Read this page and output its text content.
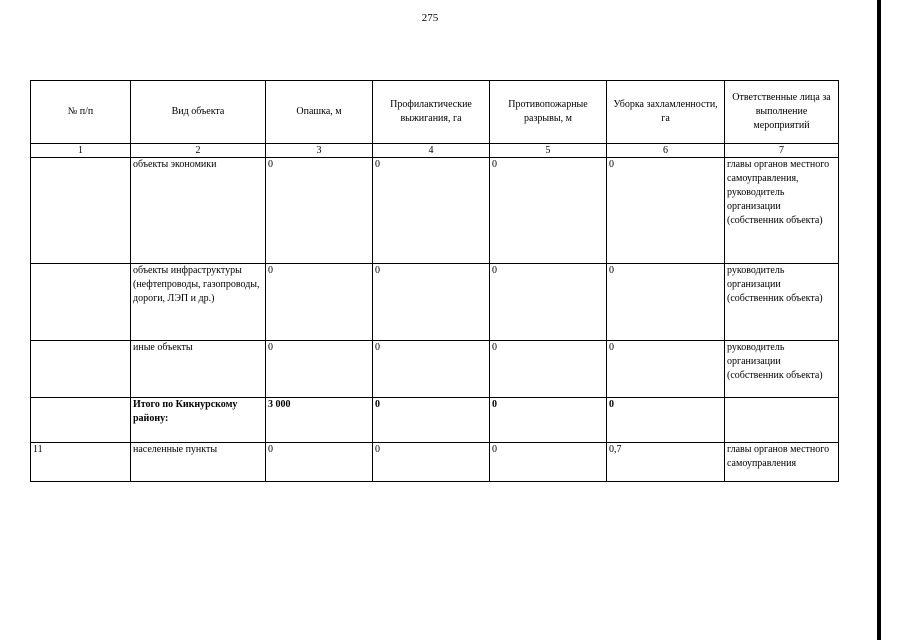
275
№ п/п	Вид объекта	Опашка, м	Профилактические выжигания, га	Противопожарные разрывы, м	Уборка захламленности, га	Ответственные лица за выполнение мероприятий
1	2	3	4	5	6	7
	объекты экономики	0	0	0	0	главы органов местного самоуправления, руководитель организации (собственник объекта)
	объекты инфраструктуры (нефтепроводы, газопроводы, дороги, ЛЭП и др.)	0	0	0	0	руководитель организации (собственник объекта)
	иные объекты	0	0	0	0	руководитель организации (собственник объекта)
	Итого по Кикнурскому району:	3 000	0	0	0	
11	населенные пункты	0	0	0	0,7	главы органов местного самоуправления
